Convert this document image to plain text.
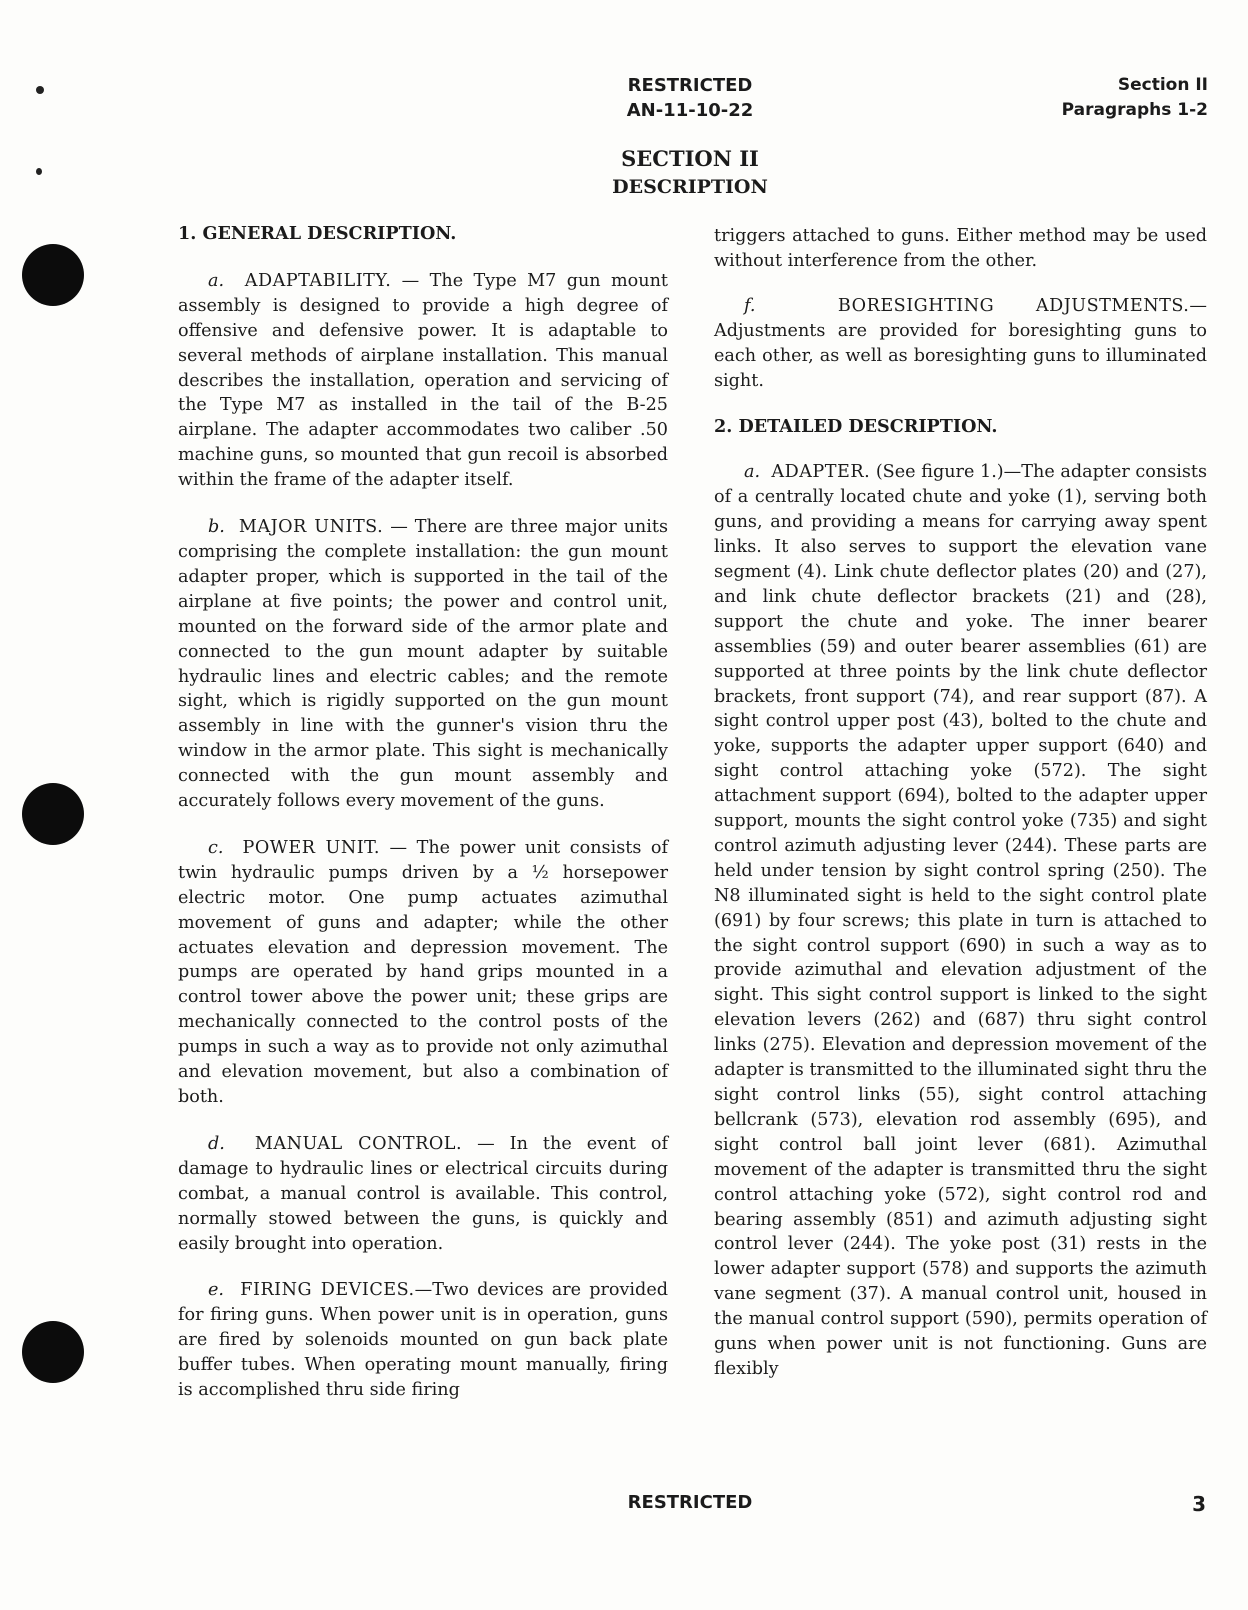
RESTRICTED
AN-11-10-22
Section II
Paragraphs 1-2
SECTION II
DESCRIPTION
1. GENERAL DESCRIPTION.

a. ADAPTABILITY. — The Type M7 gun mount assembly is designed to provide a high degree of offensive and defensive power. It is adaptable to several methods of airplane installation. This manual describes the installation, operation and servicing of the Type M7 as installed in the tail of the B-25 airplane. The adapter accommodates two caliber .50 machine guns, so mounted that gun recoil is absorbed within the frame of the adapter itself.

b. MAJOR UNITS. — There are three major units comprising the complete installation: the gun mount adapter proper, which is supported in the tail of the airplane at five points; the power and control unit, mounted on the forward side of the armor plate and connected to the gun mount adapter by suitable hydraulic lines and electric cables; and the remote sight, which is rigidly supported on the gun mount assembly in line with the gunner's vision thru the window in the armor plate. This sight is mechanically connected with the gun mount assembly and accurately follows every movement of the guns.

c. POWER UNIT. — The power unit consists of twin hydraulic pumps driven by a ½ horsepower electric motor. One pump actuates azimuthal movement of guns and adapter; while the other actuates elevation and depression movement. The pumps are operated by hand grips mounted in a control tower above the power unit; these grips are mechanically connected to the control posts of the pumps in such a way as to provide not only azimuthal and elevation movement, but also a combination of both.

d. MANUAL CONTROL. — In the event of damage to hydraulic lines or electrical circuits during combat, a manual control is available. This control, normally stowed between the guns, is quickly and easily brought into operation.

e. FIRING DEVICES.—Two devices are provided for firing guns. When power unit is in operation, guns are fired by solenoids mounted on gun back plate buffer tubes. When operating mount manually, firing is accomplished thru side firing

triggers attached to guns. Either method may be used without interference from the other.

f.	BORESIGHTING ADJUSTMENTS.—Adjustments are provided for boresighting guns to each other, as well as boresighting guns to illuminated sight.

2. DETAILED DESCRIPTION.

a. ADAPTER. (See figure 1.)—The adapter consists of a centrally located chute and yoke (1), serving both guns, and providing a means for carrying away spent links. It also serves to support the elevation vane segment (4). Link chute deflector plates (20) and (27), and link chute deflector brackets (21) and (28), support the chute and yoke. The inner bearer assemblies (59) and outer bearer assemblies (61) are supported at three points by the link chute deflector brackets, front support (74), and rear support (87). A sight control upper post (43), bolted to the chute and yoke, supports the adapter upper support (640) and sight control attaching yoke (572). The sight attachment support (694), bolted to the adapter upper support, mounts the sight control yoke (735) and sight control azimuth adjusting lever (244). These parts are held under tension by sight control spring (250). The N8 illuminated sight is held to the sight control plate (691) by four screws; this plate in turn is attached to the sight control support (690) in such a way as to provide azimuthal and elevation adjustment of the sight. This sight control support is linked to the sight elevation levers (262) and (687) thru sight control links (275). Elevation and depression movement of the adapter is transmitted to the illuminated sight thru the sight control links (55), sight control attaching bellcrank (573), elevation rod assembly (695), and sight control ball joint lever (681). Azimuthal movement of the adapter is transmitted thru the sight control attaching yoke (572), sight control rod and bearing assembly (851) and azimuth adjusting sight control lever (244). The yoke post (31) rests in the lower adapter support (578) and supports the azimuth vane segment (37). A manual control unit, housed in the manual control support (590), permits operation of guns when power unit is not functioning. Guns are flexibly

RESTRICTED	3
